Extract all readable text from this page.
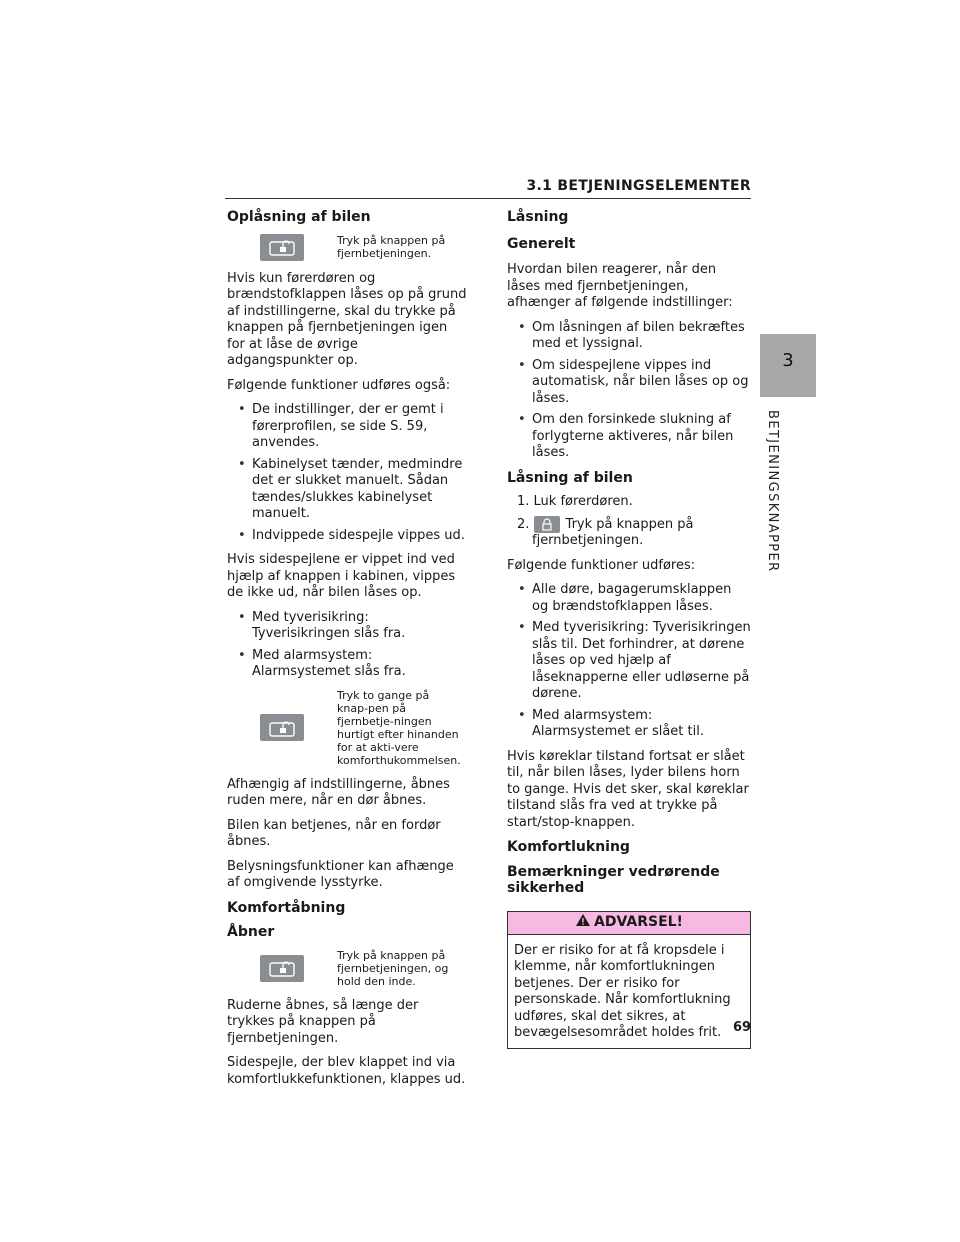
3.1 BETJENINGSELEMENTER
3
BETJENINGSKNAPPER
Oplåsning af bilen
Tryk på knappen på fjernbetjeningen.

Hvis kun førerdøren og brændstofklappen låses op på grund af indstillingerne, skal du trykke på knappen på fjernbetjeningen igen for at låse de øvrige adgangspunkter op.

Følgende funktioner udføres også:

• De indstillinger, der er gemt i førerprofilen, se side S. 59, anvendes.
• Kabinelyset tænder, medmindre det er slukket manuelt. Sådan tændes/slukkes kabinelyset manuelt.
• Indvippede sidespejle vippes ud.

Hvis sidespejlene er vippet ind ved hjælp af knappen i kabinen, vippes de ikke ud, når bilen låses op.

• Med tyverisikring: Tyverisikringen slås fra.
• Med alarmsystem: Alarmsystemet slås fra.
Tryk to gange på knap-pen på fjernbetje-ningen hurtigt efter hinanden for at akti-vere komforthukommelsen.

Afhængig af indstillingerne, åbnes ruden mere, når en dør åbnes.

Bilen kan betjenes, når en fordør åbnes.

Belysningsfunktioner kan afhænge af omgivende lysstyrke.

Komfortåbning
Åbner
Tryk på knappen på fjernbetjeningen, og hold den inde.

Ruderne åbnes, så længe der trykkes på knappen på fjernbetjeningen.

Sidespejle, der blev klappet ind via komfortlukkefunktionen, klappes ud.

Låsning
Generelt

Hvordan bilen reagerer, når den låses med fjernbetjeningen, afhænger af følgende indstillinger:

• Om låsningen af bilen bekræftes med et lyssignal.
• Om sidespejlene vippes ind automatisk, når bilen låses op og låses.
• Om den forsinkede slukning af forlygterne aktiveres, når bilen låses.
Låsning af bilen
1. Luk førerdøren.
2.	Tryk på knappen på fjernbetjeningen.

Følgende funktioner udføres:

• Alle døre, bagagerumsklappen og brændstofklappen låses.
• Med tyverisikring: Tyverisikringen slås til. Det forhindrer, at dørene låses op ved hjælp af låseknapperne eller udløserne på dørene.
• Med alarmsystem: Alarmsystemet er slået til.

Hvis køreklar tilstand fortsat er slået til, når bilen låses, lyder bilens horn to gange. Hvis det sker, skal køreklar tilstand slås fra ved at trykke på start/stop-knappen.

Komfortlukning
Bemærkninger vedrørende sikkerhed
ADVARSEL!
Der er risiko for at få kropsdele i klemme, når komfortlukningen betjenes. Der er risiko for personskade. Når komfortlukning udføres, skal det sikres, at bevægelsesområdet holdes frit. 69
